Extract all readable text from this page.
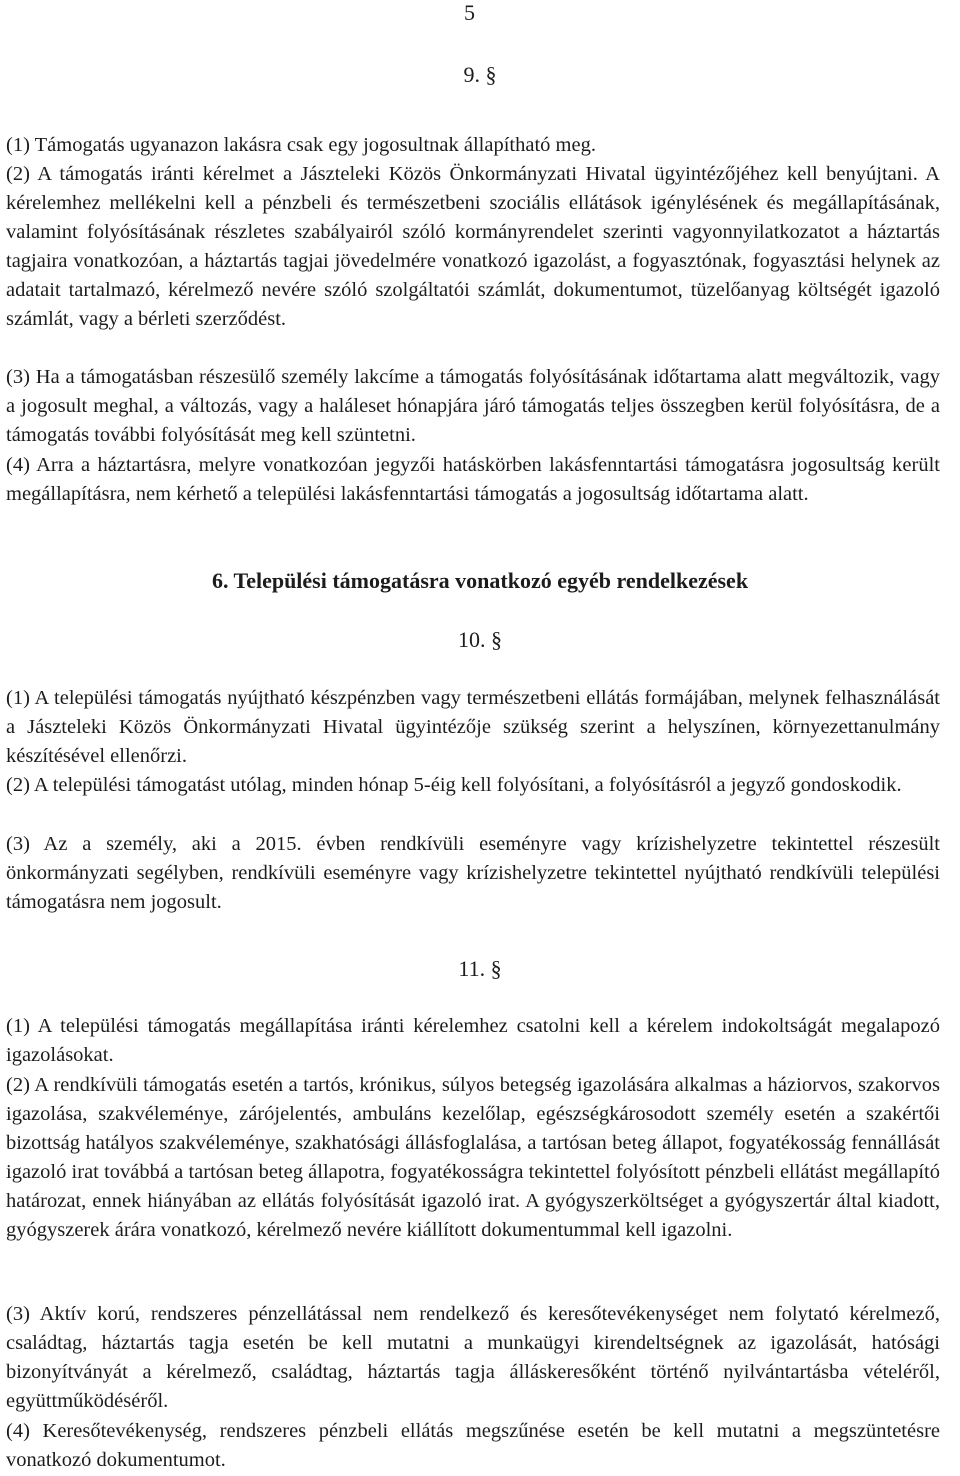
5
9. §

(1) Támogatás ugyanazon lakásra csak egy jogosultnak állapítható meg.

(2) A támogatás iránti kérelmet a Jászteleki Közös Önkormányzati Hivatal ügyintézőjéhez kell benyújtani. A kérelemhez mellékelni kell a pénzbeli és természetbeni szociális ellátások igénylésének és megállapításának, valamint folyósításának részletes szabályairól szóló kormányrendelet szerinti vagyonnyilatkozatot a háztartás tagjaira vonatkozóan, a háztartás tagjai jövedelmére vonatkozó igazolást, a fogyasztónak, fogyasztási helynek az adatait tartalmazó, kérelmező nevére szóló szolgáltatói számlát, dokumentumot, tüzelőanyag költségét igazoló számlát, vagy a bérleti szerződést.

(3) Ha a támogatásban részesülő személy lakcíme a támogatás folyósításának időtartama alatt megváltozik, vagy a jogosult meghal, a változás, vagy a haláleset hónapjára járó támogatás teljes összegben kerül folyósításra, de a támogatás további folyósítását meg kell szüntetni.

(4) Arra a háztartásra, melyre vonatkozóan jegyzői hatáskörben lakásfenntartási támogatásra jogosultság került megállapításra, nem kérhető a települési lakásfenntartási támogatás a jogosultság időtartama alatt.

6. Települési támogatásra vonatkozó egyéb rendelkezések
10. §

(1) A települési támogatás nyújtható készpénzben vagy természetbeni ellátás formájában, melynek felhasználását a Jászteleki Közös Önkormányzati Hivatal ügyintézője szükség szerint a helyszínen, környezettanulmány készítésével ellenőrzi.

(2) A települési támogatást utólag, minden hónap 5-éig kell folyósítani, a folyósításról a jegyző gondoskodik.

(3) Az a személy, aki a 2015. évben rendkívüli eseményre vagy krízishelyzetre tekintettel részesült önkormányzati segélyben, rendkívüli eseményre vagy krízishelyzetre tekintettel nyújtható rendkívüli települési támogatásra nem jogosult.

11. §

(1) A települési támogatás megállapítása iránti kérelemhez csatolni kell a kérelem indokoltságát megalapozó igazolásokat.

(2) A rendkívüli támogatás esetén a tartós, krónikus, súlyos betegség igazolására alkalmas a háziorvos, szakorvos igazolása, szakvéleménye, zárójelentés, ambuláns kezelőlap, egészségkárosodott személy esetén a szakértői bizottság hatályos szakvéleménye, szakhatósági állásfoglalása, a tartósan beteg állapot, fogyatékosság fennállását igazoló irat továbbá a tartósan beteg állapotra, fogyatékosságra tekintettel folyósított pénzbeli ellátást megállapító határozat, ennek hiányában az ellátás folyósítását igazoló irat. A gyógyszerköltséget a gyógyszertár által kiadott, gyógyszerek árára vonatkozó, kérelmező nevére kiállított dokumentummal kell igazolni.

(3) Aktív korú, rendszeres pénzellátással nem rendelkező és keresőtevékenységet nem folytató kérelmező, családtag, háztartás tagja esetén be kell mutatni a munkaügyi kirendeltségnek az igazolását, hatósági bizonyítványát a kérelmező, családtag, háztartás tagja álláskeresőként történő nyilvántartásba vételéről, együttműködéséről.

(4) Keresőtevékenység, rendszeres pénzbeli ellátás megszűnése esetén be kell mutatni a megszüntetésre vonatkozó dokumentumot.
